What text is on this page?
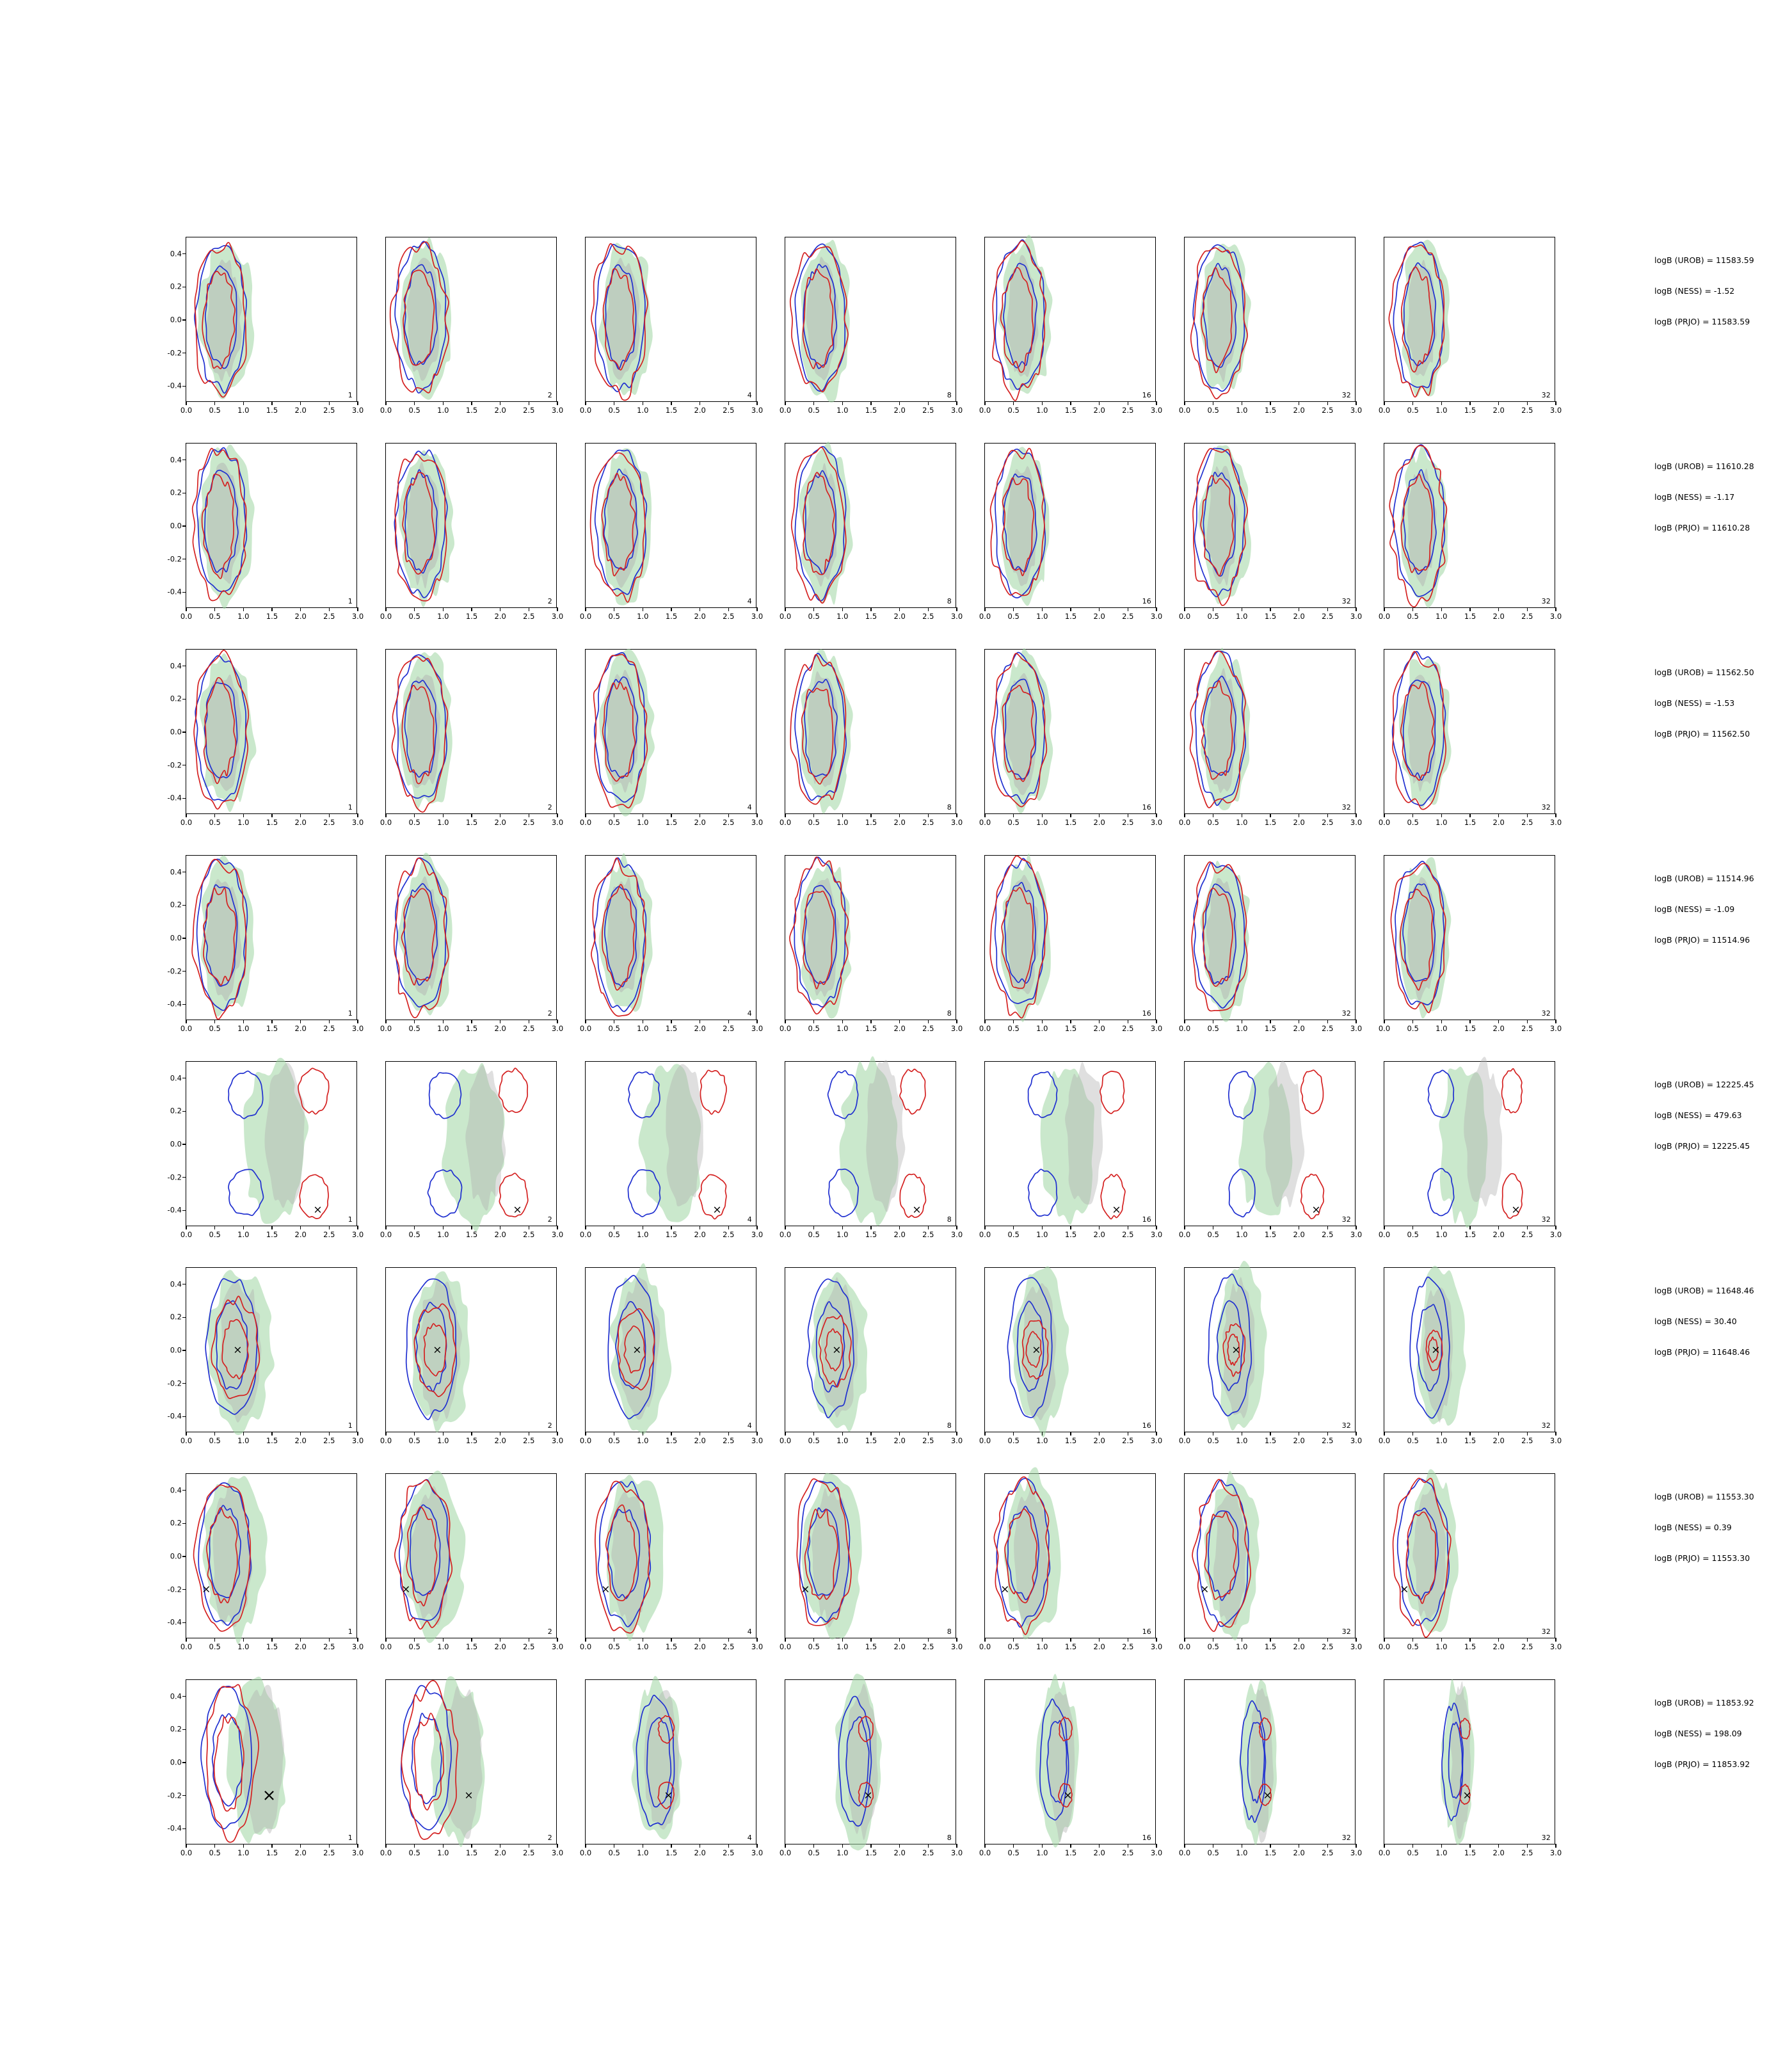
1
-0.4
-0.2
0.0
0.2
0.4
0.0 0.5 1.0 1.5 2.0 2.5 3.0
2
0.0 0.5 1.0 1.5 2.0 2.5 3.0
4
0.0 0.5 1.0 1.5 2.0 2.5 3.0
8
0.0 0.5 1.0 1.5 2.0 2.5 3.0
16
0.0 0.5 1.0 1.5 2.0 2.5 3.0
32
0.0 0.5 1.0 1.5 2.0 2.5 3.0
32
0.0 0.5 1.0 1.5 2.0 2.5 3.0
1
-0.4
-0.2
0.0
0.2
0.4
0.0 0.5 1.0 1.5 2.0 2.5 3.0
2
0.0 0.5 1.0 1.5 2.0 2.5 3.0
4
0.0 0.5 1.0 1.5 2.0 2.5 3.0
8
0.0 0.5 1.0 1.5 2.0 2.5 3.0
16
0.0 0.5 1.0 1.5 2.0 2.5 3.0
32
0.0 0.5 1.0 1.5 2.0 2.5 3.0
32
0.0 0.5 1.0 1.5 2.0 2.5 3.0
1
-0.4
-0.2
0.0
0.2
0.4
0.0 0.5 1.0 1.5 2.0 2.5 3.0
2
0.0 0.5 1.0 1.5 2.0 2.5 3.0
4
0.0 0.5 1.0 1.5 2.0 2.5 3.0
8
0.0 0.5 1.0 1.5 2.0 2.5 3.0
16
0.0 0.5 1.0 1.5 2.0 2.5 3.0
32
0.0 0.5 1.0 1.5 2.0 2.5 3.0
32
0.0 0.5 1.0 1.5 2.0 2.5 3.0
1
-0.4
-0.2
0.0
0.2
0.4
0.0 0.5 1.0 1.5 2.0 2.5 3.0
2
0.0 0.5 1.0 1.5 2.0 2.5 3.0
4
0.0 0.5 1.0 1.5 2.0 2.5 3.0
8
0.0 0.5 1.0 1.5 2.0 2.5 3.0
16
0.0 0.5 1.0 1.5 2.0 2.5 3.0
32
0.0 0.5 1.0 1.5 2.0 2.5 3.0
32
0.0 0.5 1.0 1.5 2.0 2.5 3.0
×
1
-0.4
-0.2
0.0
0.2
0.4
0.0 0.5 1.0 1.5 2.0 2.5 3.0
×
2
0.0 0.5 1.0 1.5 2.0 2.5 3.0
×
4
0.0 0.5 1.0 1.5 2.0 2.5 3.0
×
8
0.0 0.5 1.0 1.5 2.0 2.5 3.0
×
16
0.0 0.5 1.0 1.5 2.0 2.5 3.0
×
32
0.0 0.5 1.0 1.5 2.0 2.5 3.0
×
32
0.0 0.5 1.0 1.5 2.0 2.5 3.0
×
1
-0.4
-0.2
0.0
0.2
0.4
0.0 0.5 1.0 1.5 2.0 2.5 3.0
×
2
0.0 0.5 1.0 1.5 2.0 2.5 3.0
×
4
0.0 0.5 1.0 1.5 2.0 2.5 3.0
×
8
0.0 0.5 1.0 1.5 2.0 2.5 3.0
×
16
0.0 0.5 1.0 1.5 2.0 2.5 3.0
×
32
0.0 0.5 1.0 1.5 2.0 2.5 3.0
×
32
0.0 0.5 1.0 1.5 2.0 2.5 3.0
×
1
-0.4
-0.2
0.0
0.2
0.4
0.0 0.5 1.0 1.5 2.0 2.5 3.0
×
2
0.0 0.5 1.0 1.5 2.0 2.5 3.0
×
4
0.0 0.5 1.0 1.5 2.0 2.5 3.0
×
8
0.0 0.5 1.0 1.5 2.0 2.5 3.0
×
16
0.0 0.5 1.0 1.5 2.0 2.5 3.0
×
32
0.0 0.5 1.0 1.5 2.0 2.5 3.0
×
32
0.0 0.5 1.0 1.5 2.0 2.5 3.0
×
1
-0.4
-0.2
0.0
0.2
0.4
0.0 0.5 1.0 1.5 2.0 2.5 3.0
×
2
0.0 0.5 1.0 1.5 2.0 2.5 3.0
×
4
0.0 0.5 1.0 1.5 2.0 2.5 3.0
×
8
0.0 0.5 1.0 1.5 2.0 2.5 3.0
×
16
0.0 0.5 1.0 1.5 2.0 2.5 3.0
×
32
0.0 0.5 1.0 1.5 2.0 2.5 3.0
×
32
0.0 0.5 1.0 1.5 2.0 2.5 3.0
logB (UROB) = 11583.59
logB (NESS) = -1.52
logB (PRJO) = 11583.59
logB (UROB) = 11610.28
logB (NESS) = -1.17
logB (PRJO) = 11610.28
logB (UROB) = 11562.50
logB (NESS) = -1.53
logB (PRJO) = 11562.50
logB (UROB) = 11514.96
logB (NESS) = -1.09
logB (PRJO) = 11514.96
logB (UROB) = 12225.45
logB (NESS) = 479.63
logB (PRJO) = 12225.45
logB (UROB) = 11648.46
logB (NESS) = 30.40
logB (PRJO) = 11648.46
logB (UROB) = 11553.30
logB (NESS) = 0.39
logB (PRJO) = 11553.30
logB (UROB) = 11853.92
logB (NESS) = 198.09
logB (PRJO) = 11853.92
